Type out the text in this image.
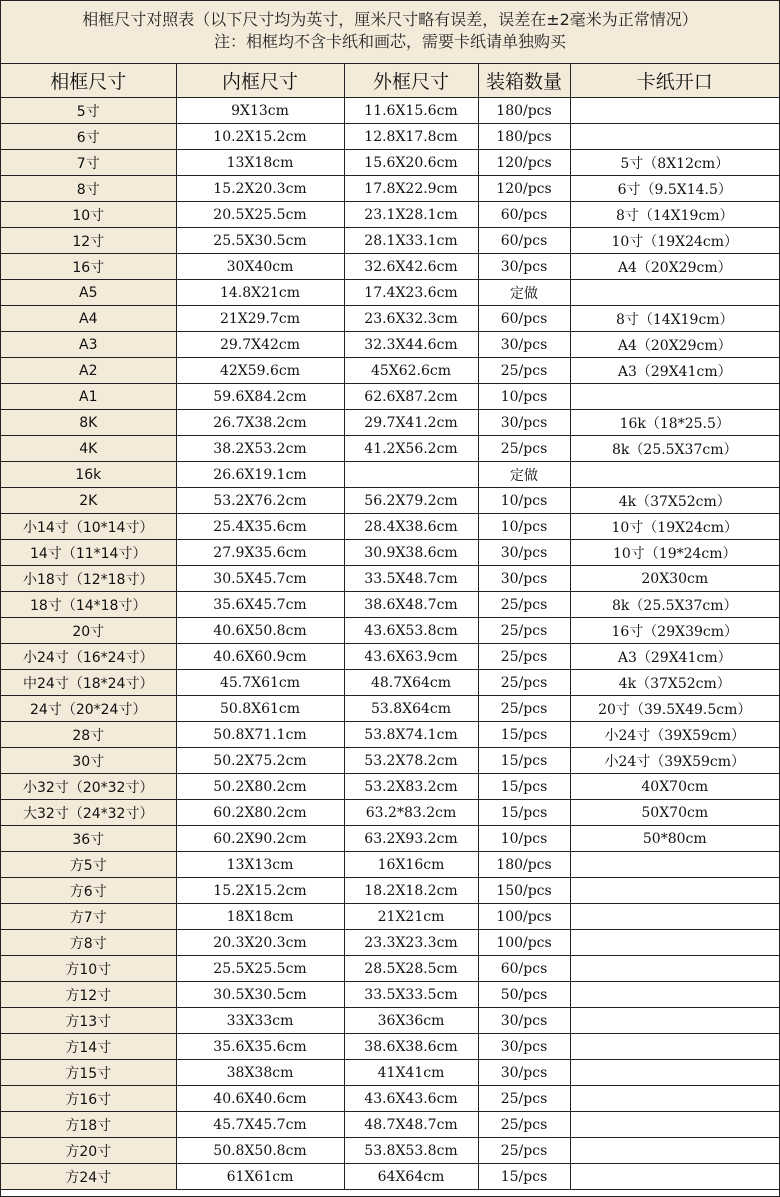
相框尺寸对照表（以下尺寸均为英寸，厘米尺寸略有误差，误差在±2毫米为正常情况）
注：相框均不含卡纸和画芯，需要卡纸请单独购买
相框尺寸	内框尺寸	外框尺寸	装箱数量	卡纸开口
5寸	9X13cm	11.6X15.6cm	180/pcs	
6寸	10.2X15.2cm	12.8X17.8cm	180/pcs	
7寸	13X18cm	15.6X20.6cm	120/pcs	5寸（8X12cm）
8寸	15.2X20.3cm	17.8X22.9cm	120/pcs	6寸（9.5X14.5）
10寸	20.5X25.5cm	23.1X28.1cm	60/pcs	8寸（14X19cm）
12寸	25.5X30.5cm	28.1X33.1cm	60/pcs	10寸（19X24cm）
16寸	30X40cm	32.6X42.6cm	30/pcs	A4（20X29cm）
A5	14.8X21cm	17.4X23.6cm	定做	
A4	21X29.7cm	23.6X32.3cm	60/pcs	8寸（14X19cm）
A3	29.7X42cm	32.3X44.6cm	30/pcs	A4（20X29cm）
A2	42X59.6cm	45X62.6cm	25/pcs	A3（29X41cm）
A1	59.6X84.2cm	62.6X87.2cm	10/pcs	
8K	26.7X38.2cm	29.7X41.2cm	30/pcs	16k（18*25.5）
4K	38.2X53.2cm	41.2X56.2cm	25/pcs	8k（25.5X37cm）
16k	26.6X19.1cm		定做	
2K	53.2X76.2cm	56.2X79.2cm	10/pcs	4k（37X52cm）
小14寸（10*14寸）	25.4X35.6cm	28.4X38.6cm	10/pcs	10寸（19X24cm）
14寸（11*14寸）	27.9X35.6cm	30.9X38.6cm	30/pcs	10寸（19*24cm）
小18寸（12*18寸）	30.5X45.7cm	33.5X48.7cm	30/pcs	20X30cm
18寸（14*18寸）	35.6X45.7cm	38.6X48.7cm	25/pcs	8k（25.5X37cm）
20寸	40.6X50.8cm	43.6X53.8cm	25/pcs	16寸（29X39cm）
小24寸（16*24寸）	40.6X60.9cm	43.6X63.9cm	25/pcs	A3（29X41cm）
中24寸（18*24寸）	45.7X61cm	48.7X64cm	25/pcs	4k（37X52cm）
24寸（20*24寸）	50.8X61cm	53.8X64cm	25/pcs	20寸（39.5X49.5cm）
28寸	50.8X71.1cm	53.8X74.1cm	15/pcs	小24寸（39X59cm）
30寸	50.2X75.2cm	53.2X78.2cm	15/pcs	小24寸（39X59cm）
小32寸（20*32寸）	50.2X80.2cm	53.2X83.2cm	15/pcs	40X70cm
大32寸（24*32寸）	60.2X80.2cm	63.2*83.2cm	15/pcs	50X70cm
36寸	60.2X90.2cm	63.2X93.2cm	10/pcs	50*80cm
方5寸	13X13cm	16X16cm	180/pcs	
方6寸	15.2X15.2cm	18.2X18.2cm	150/pcs	
方7寸	18X18cm	21X21cm	100/pcs	
方8寸	20.3X20.3cm	23.3X23.3cm	100/pcs	
方10寸	25.5X25.5cm	28.5X28.5cm	60/pcs	
方12寸	30.5X30.5cm	33.5X33.5cm	50/pcs	
方13寸	33X33cm	36X36cm	30/pcs	
方14寸	35.6X35.6cm	38.6X38.6cm	30/pcs	
方15寸	38X38cm	41X41cm	30/pcs	
方16寸	40.6X40.6cm	43.6X43.6cm	25/pcs	
方18寸	45.7X45.7cm	48.7X48.7cm	25/pcs	
方20寸	50.8X50.8cm	53.8X53.8cm	25/pcs	
方24寸	61X61cm	64X64cm	15/pcs	
